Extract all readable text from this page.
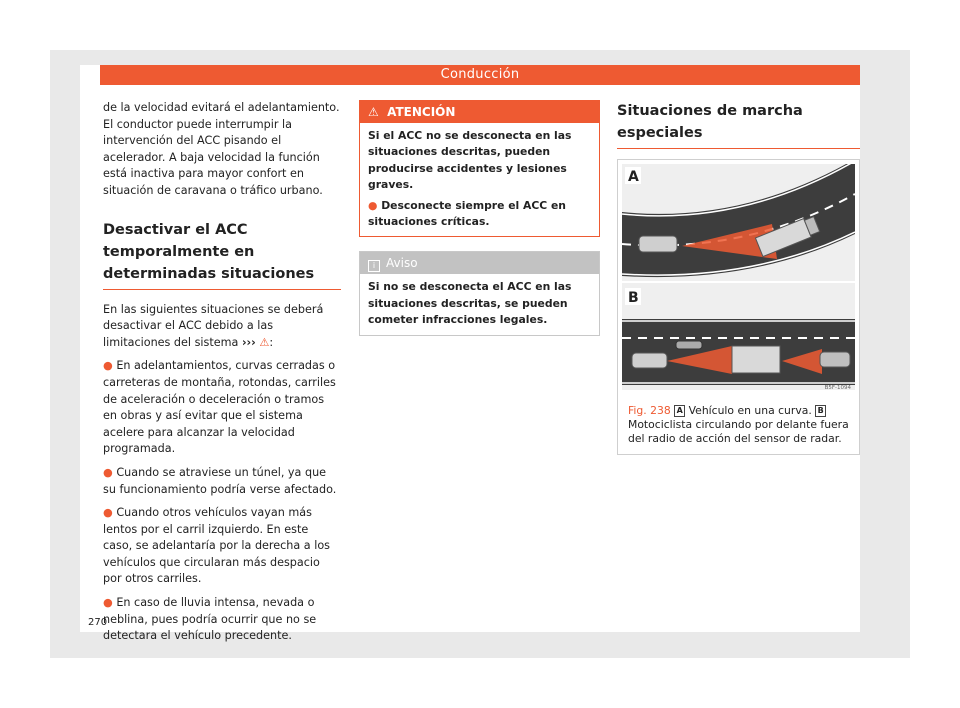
Conducción

de la velocidad evitará el adelantamiento. El conductor puede interrumpir la intervención del ACC pisando el acelerador. A baja velocidad la función está inactiva para mayor confort en situación de caravana o tráfico urbano.

Desactivar el ACC temporalmente en determinadas situaciones

En las siguientes situaciones se deberá desactivar el ACC debido a las limitaciones del sistema ››› ⚠:

● En adelantamientos, curvas cerradas o carreteras de montaña, rotondas, carriles de aceleración o deceleración o tramos en obras y así evitar que el sistema acelere para alcanzar la velocidad programada.

● Cuando se atraviese un túnel, ya que su funcionamiento podría verse afectado.

● Cuando otros vehículos vayan más lentos por el carril izquierdo. En este caso, se adelantaría por la derecha a los vehículos que circularan más despacio por otros carriles.

● En caso de lluvia intensa, nevada o neblina, pues podría ocurrir que no se detectara el vehículo precedente.

⚠ ATENCIÓN

Si el ACC no se desconecta en las situaciones descritas, pueden producirse accidentes y lesiones graves.

● Desconecte siempre el ACC en situaciones críticas.

i Aviso
Si no se desconecta el ACC en las situaciones descritas, se pueden cometer infracciones legales.
Situaciones de marcha especiales
A
B
B5F-1094
Fig. 238 A Vehículo en una curva. B Motociclista circulando por delante fuera del radio de acción del sensor de radar.
270
